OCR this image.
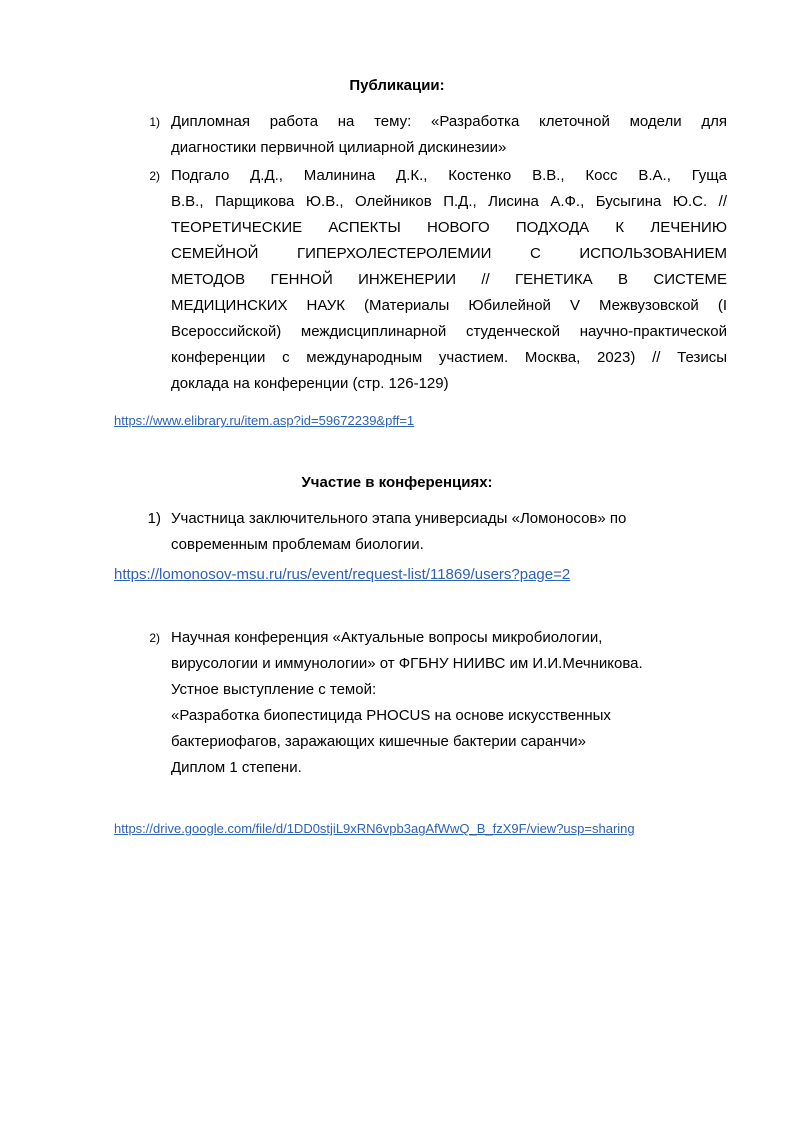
Публикации:
1) Дипломная работа на тему: «Разработка клеточной модели для
диагностики первичной цилиарной дискинезии»
2) Подгало Д.Д., Малинина Д.К., Костенко В.В., Косс В.А., Гуща
В.В., Парщикова Ю.В., Олейников П.Д., Лисина А.Ф., Бусыгина Ю.С. //
ТЕОРЕТИЧЕСКИЕ АСПЕКТЫ НОВОГО ПОДХОДА К ЛЕЧЕНИЮ
СЕМЕЙНОЙ ГИПЕРХОЛЕСТЕРОЛЕМИИ С ИСПОЛЬЗОВАНИЕМ
МЕТОДОВ ГЕННОЙ ИНЖЕНЕРИИ // ГЕНЕТИКА В СИСТЕМЕ
МЕДИЦИНСКИХ НАУК (Материалы Юбилейной V Межвузовской (I
Всероссийской) междисциплинарной студенческой научно-практической
конференции с международным участием. Москва, 2023) // Тезисы
доклада на конференции (стр. 126-129)
https://www.elibrary.ru/item.asp?id=59672239&pff=1
Участие в конференциях:
1) Участница заключительного этапа универсиады «Ломоносов» по
современным проблемам биологии.
https://lomonosov-msu.ru/rus/event/request-list/11869/users?page=2
2) Научная конференция «Актуальные вопросы микробиологии,
вирусологии и иммунологии» от ФГБНУ НИИВС им И.И.Мечникова.
Устное выступление с темой:
«Разработка биопестицида PHOCUS на основе искусственных
бактериофагов, заражающих кишечные бактерии саранчи»
Диплом 1 степени.
https://drive.google.com/file/d/1DD0stjiL9xRN6vpb3agAfWwQ_B_fzX9F/view?usp=sharing
